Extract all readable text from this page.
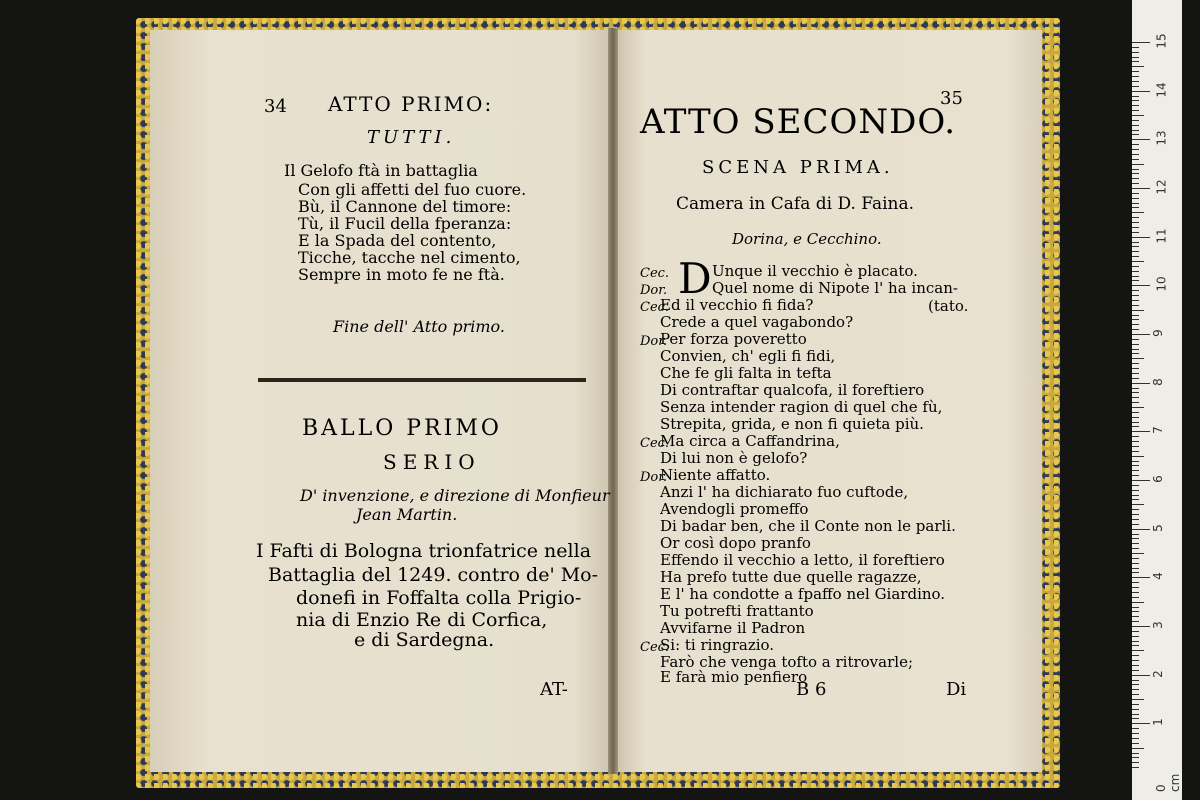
34 ATTO PRIMO:
TUTTI.
Il Gelofo ftà in battaglia
Con gli affetti del fuo cuore.
Bù, il Cannone del timore:
Tù, il Fucil della fperanza:
E la Spada del contento,
Ticche, tacche nel cimento,
Sempre in moto fe ne ftà.
Fine dell' Atto primo.
BALLO PRIMO
SERIO
D' invenzione, e direzione di Monfieur
Jean Martin.
I Fafti di Bologna trionfatrice nella
Battaglia del 1249. contro de' Mo-
donefi in Foffalta colla Prigio-
nia di Enzio Re di Corfica,
e di Sardegna.
AT-
35
ATTO SECONDO.
SCENA PRIMA.
Camera in Cafa di D. Faina.
Dorina, e Cecchino.
D
Cec.	Unque il vecchio è placato.
Dor.	Quel nome di Nipote l' ha incan-
Cec.
Ed il vecchio fi fida?	(tato.
Crede a quel vagabondo?
Dor.
Per forza poveretto
Convien, ch' egli fi fidi,
Che fe gli falta in tefta
Di contraftar qualcofa, il foreftiero
Senza intender ragion di quel che fù,
Strepita, grida, e non fi quieta più.
Cec.
Ma circa a Caffandrina,
Di lui non è gelofo?
Dor.
Niente affatto.
Anzi l' ha dichiarato fuo cuftode,
Avendogli promeffo
Di badar ben, che il Conte non le parli.
Or così dopo pranfo
Effendo il vecchio a letto, il foreftiero
Ha prefo tutte due quelle ragazze,
E l' ha condotte a fpaffo nel Giardino.
Tu potrefti frattanto
Avvifarne il Padron
Cec.
Si: ti ringrazio.
Farò che venga tofto a ritrovarle;
E farà mio penfiero
B 6	Di
15
14
13
12
11
10
9
8
7
6
5
4
3
2
1
0 cm
